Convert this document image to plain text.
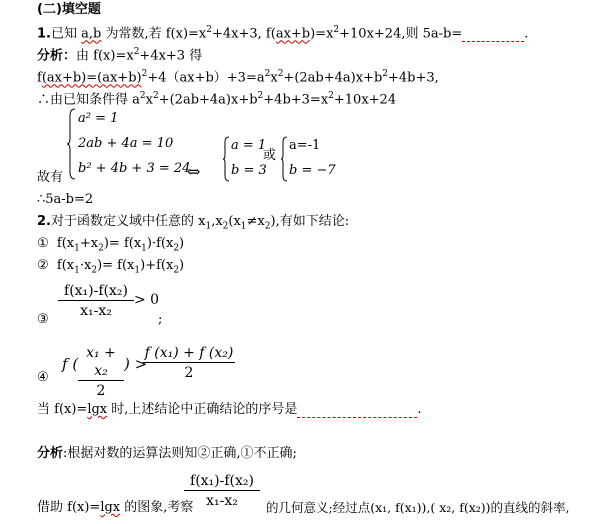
(二)填空题
1.已知 a,b 为常数,若 $f(x)=x^2+4x+3$, $f(ax+b)=x^2+10x+24$,则 5a-b=	.
分析：由 $f(x)=x^2+4x+3$ 得
$f(ax+b)=(ax+b)^2+4(ax+b)+3=a^2x^2+(2ab+4a)x+b^2+4b+3$,
∴由已知条件得 $a^2x^2+(2ab+4a)x+b^2+4b+3=x^2+10x+24$
故有
a² = 1
2ab + 4a = 10
b² + 4b + 3 = 24
⇔
a = 1
b = 3
或
a=-1
b = −7
∴5a-b=2
2.对于函数定义域中任意的 $x_1,x_2(x_1\ne x_2)$,有如下结论:
① $f(x_1+x_2)= f(x_1)\cdot f(x_2)$
② $f(x_1\cdot x_2)= f(x_1)+f(x_2)$
③
f(x₁)-f(x₂)
x₁-x₂
> 0
;
④
f (
x₁ + x₂
2
) >
f (x₁) + f (x₂)
2
当 f(x)=lgx 时,上述结论中正确结论的序号是	.
分析:根据对数的运算法则知②正确,①不正确;
借助 f(x)=lgx 的图象,考察
f(x₁)-f(x₂)
x₁-x₂	的几何意义;经过点(x₁, f(x₁)),( x₂, f(x₂))的直线的斜率,
